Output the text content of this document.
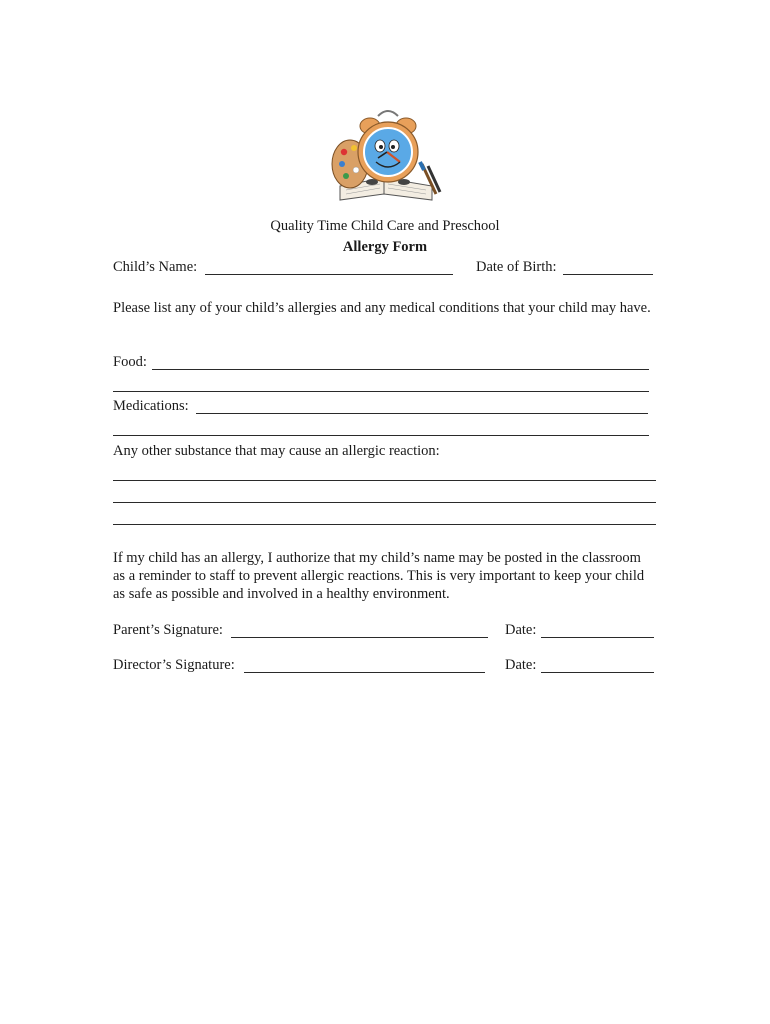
Quality Time Child Care and Preschool
Allergy Form
Child’s Name:	Date of Birth:
Please list any of your child’s allergies and any medical conditions that your child may have.
Food:
Medications:
Any other substance that may cause an allergic reaction:
If my child has an allergy, I authorize that my child’s name may be posted in the classroom as a reminder to staff to prevent allergic reactions. This is very important to keep your child as safe as possible and involved in a healthy environment.
Parent’s Signature:	Date:
Director’s Signature:	Date:
